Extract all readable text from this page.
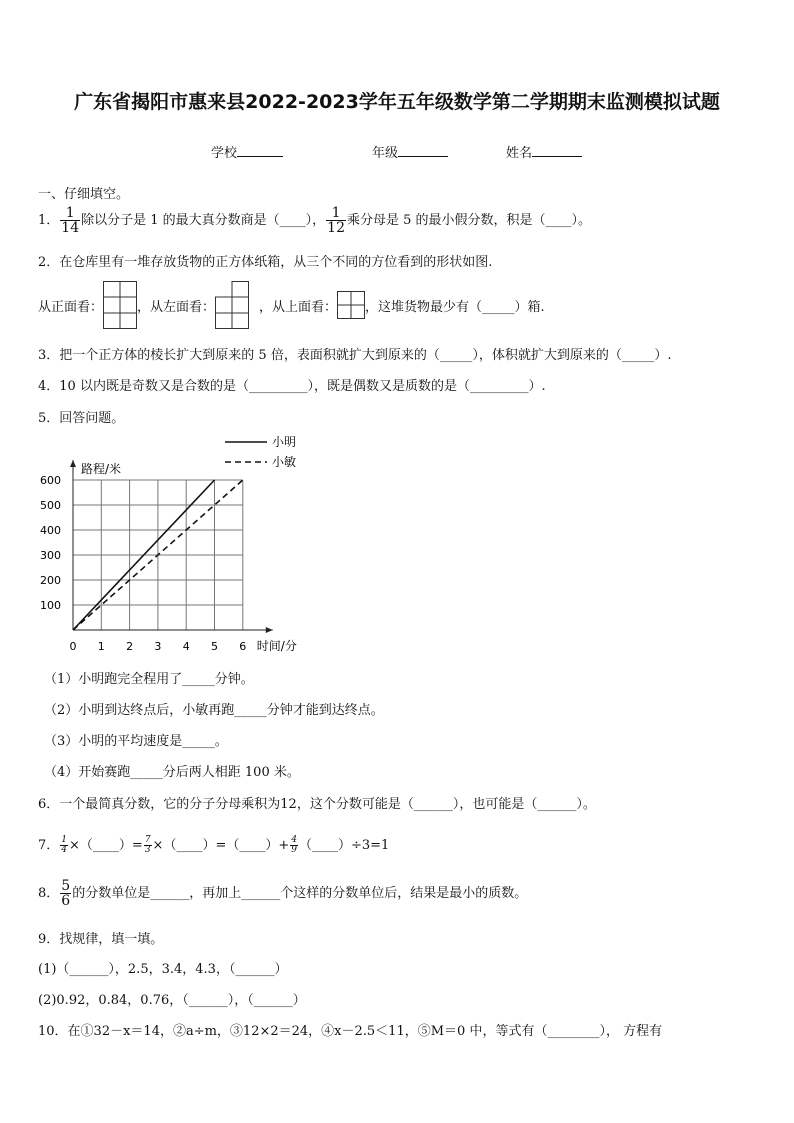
广东省揭阳市惠来县2022-2023学年五年级数学第二学期期末监测模拟试题
学校	年级	姓名
一、仔细填空。
1． $\frac{1}{14}$ 除以分子是 1 的最大真分数商是（____）， $\frac{1}{12}$ 乘分母是 5 的最小假分数，积是（____）。
2．在仓库里有一堆存放货物的正方体纸箱，从三个不同的方位看到的形状如图.
从正面看：	，从左面看：	，从上面看： ，这堆货物最少有（_____）箱.
3．把一个正方体的棱长扩大到原来的 5 倍，表面积就扩大到原来的（_____），体积就扩大到原来的（_____）.
4．10 以内既是奇数又是合数的是（_________），既是偶数又是质数的是（_________）.
5．回答问题。
0 1 2 3 4 5 6
100
200
300
400
500
600
路程/米
时间/分
小明
小敏
（1）小明跑完全程用了_____分钟。
（2）小明到达终点后，小敏再跑_____分钟才能到达终点。
（3）小明的平均速度是_____。
（4）开始赛跑_____分后两人相距 100 米。
6．一个最简真分数，它的分子分母乘积为12，这个分数可能是（______），也可能是（______）。
7． $\frac{1}{4}$ ×（____）= $\frac{7}{3}$ ×（____）=（____）+ $\frac{4}{9}$ （____）÷3=1
8． $\frac{5}{6}$ 的分数单位是______，再加上______个这样的分数单位后，结果是最小的质数。
9．找规律，填一填。
(1)（______），2.5，3.4，4.3，（______）
(2)0.92，0.84，0.76，（______），（______）
10．在①32－x＝14，②a÷m，③12×2＝24，④x－2.5＜11，⑤M＝0 中，等式有（________）， 方程有
